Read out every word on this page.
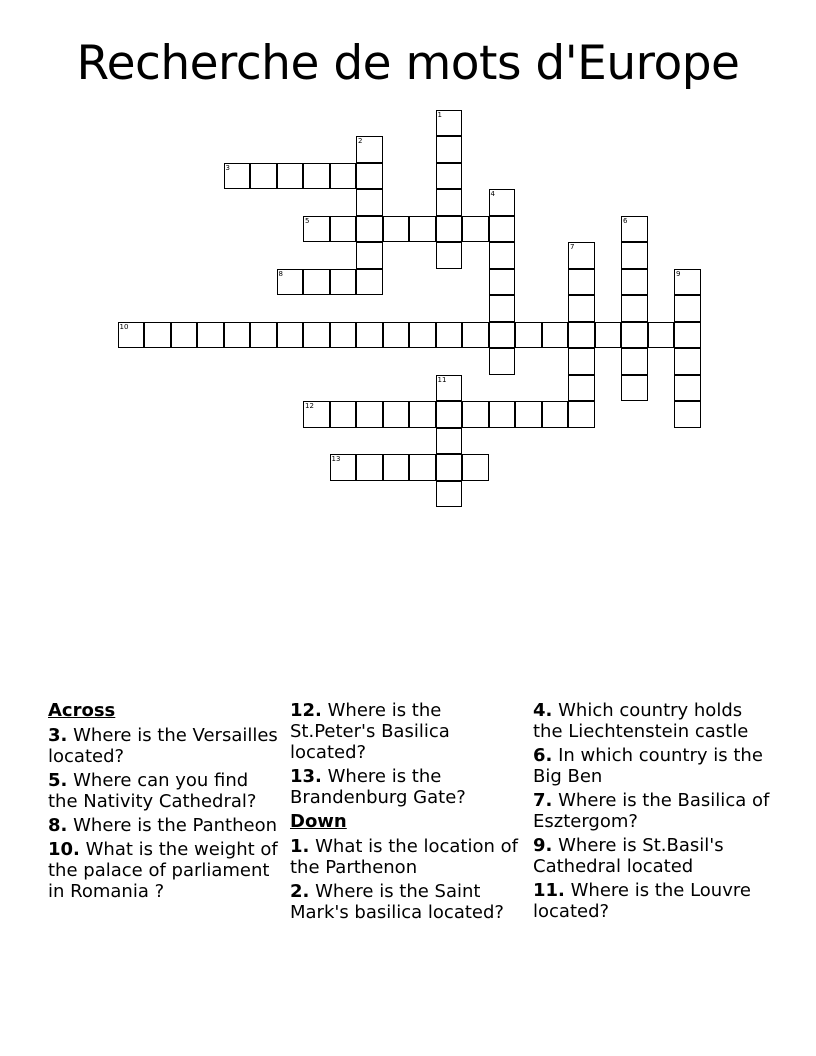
Recherche de mots d'Europe
1
2
3
4
5	6
7
8	9
10
11
12
13
Across

3. Where is the Versailles located?

5. Where can you find the Nativity Cathedral?

8. Where is the Pantheon

10. What is the weight of the palace of parliament in Romania ?

12. Where is the St.Peter's Basilica located?

13. Where is the Brandenburg Gate?

Down

1. What is the location of the Parthenon

2. Where is the Saint Mark's basilica located?

4. Which country holds the Liechtenstein castle

6. In which country is the Big Ben

7. Where is the Basilica of Esztergom?

9. Where is St.Basil's Cathedral located

11. Where is the Louvre located?
